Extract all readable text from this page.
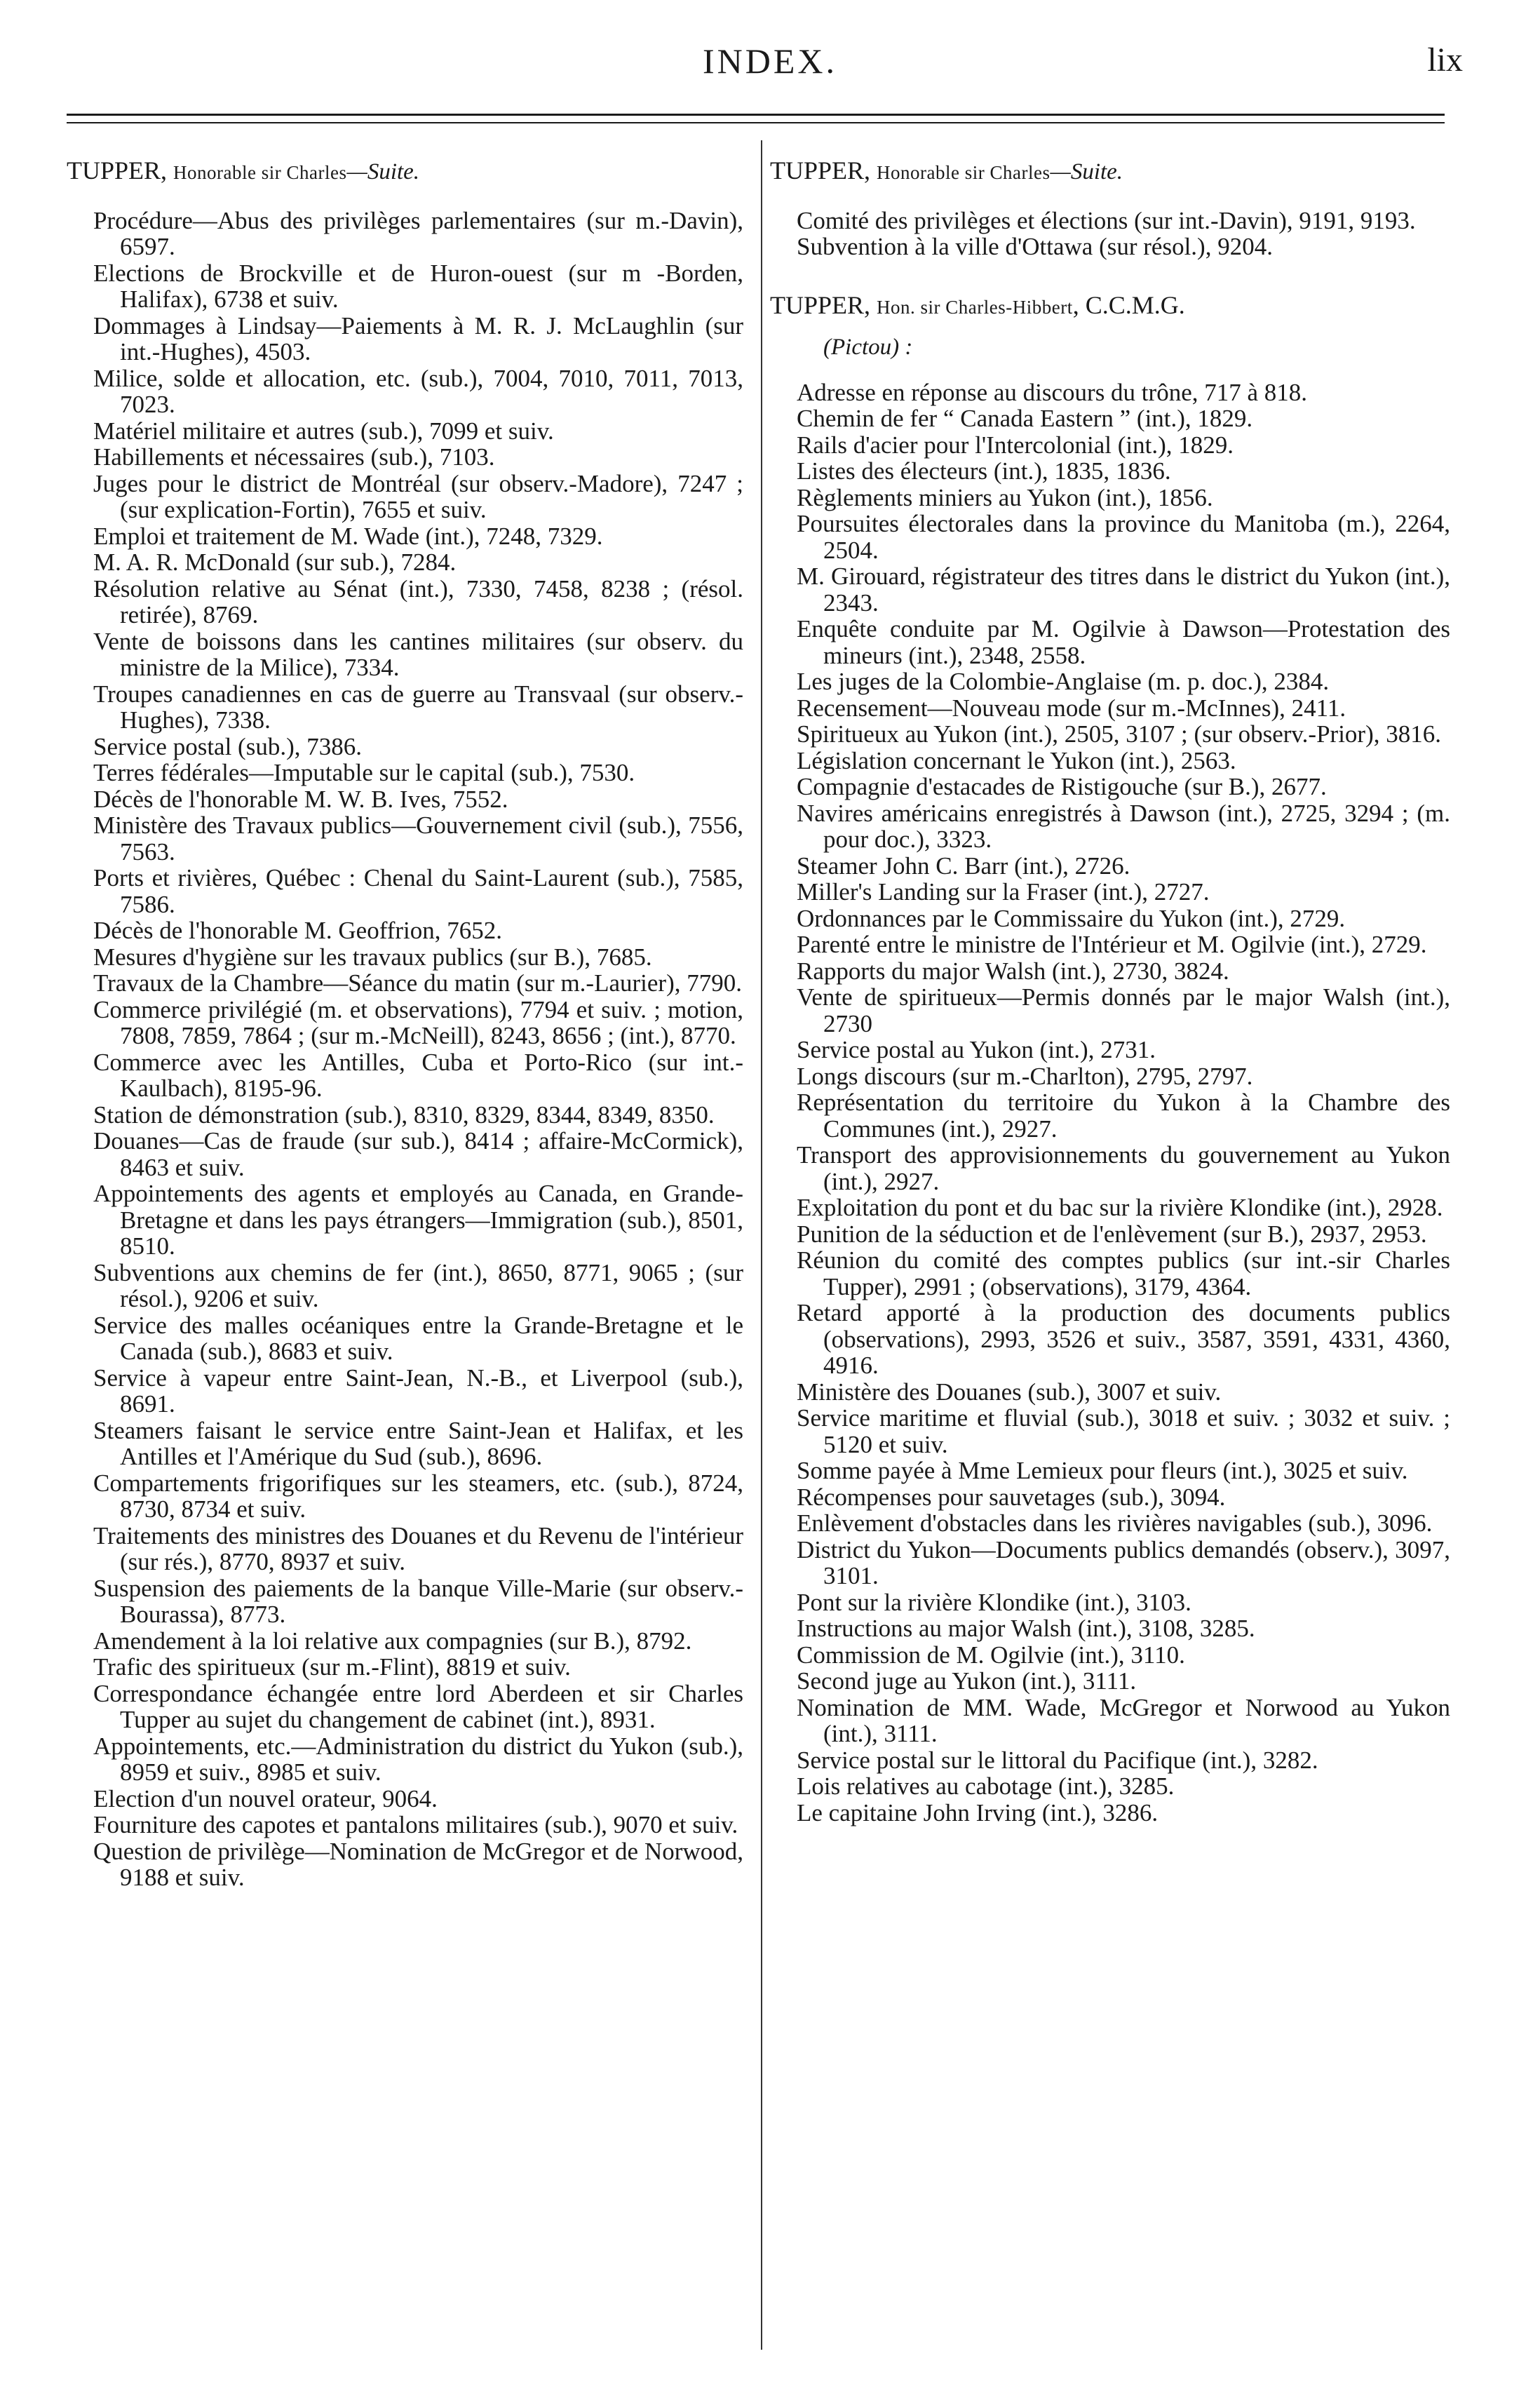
INDEX.	lix
TUPPER, Honorable sir Charles—Suite.
Procédure—Abus des privilèges parlementaires (sur m.-Davin), 6597.
Elections de Brockville et de Huron-ouest (sur m -Borden, Halifax), 6738 et suiv.
Dommages à Lindsay—Paiements à M. R. J. McLaughlin (sur int.-Hughes), 4503.
Milice, solde et allocation, etc. (sub.), 7004, 7010, 7011, 7013, 7023.
Matériel militaire et autres (sub.), 7099 et suiv.
Habillements et nécessaires (sub.), 7103.
Juges pour le district de Montréal (sur observ.-Madore), 7247 ; (sur explication-Fortin), 7655 et suiv.
Emploi et traitement de M. Wade (int.), 7248, 7329.
M. A. R. McDonald (sur sub.), 7284.
Résolution relative au Sénat (int.), 7330, 7458, 8238 ; (résol. retirée), 8769.
Vente de boissons dans les cantines militaires (sur observ. du ministre de la Milice), 7334.
Troupes canadiennes en cas de guerre au Transvaal (sur observ.-Hughes), 7338.
Service postal (sub.), 7386.
Terres fédérales—Imputable sur le capital (sub.), 7530.
Décès de l'honorable M. W. B. Ives, 7552.
Ministère des Travaux publics—Gouvernement civil (sub.), 7556, 7563.
Ports et rivières, Québec : Chenal du Saint-Laurent (sub.), 7585, 7586.
Décès de l'honorable M. Geoffrion, 7652.
Mesures d'hygiène sur les travaux publics (sur B.), 7685.
Travaux de la Chambre—Séance du matin (sur m.-Laurier), 7790.
Commerce privilégié (m. et observations), 7794 et suiv. ; motion, 7808, 7859, 7864 ; (sur m.-McNeill), 8243, 8656 ; (int.), 8770.
Commerce avec les Antilles, Cuba et Porto-Rico (sur int.-Kaulbach), 8195-96.
Station de démonstration (sub.), 8310, 8329, 8344, 8349, 8350.
Douanes—Cas de fraude (sur sub.), 8414 ; affaire-McCormick), 8463 et suiv.
Appointements des agents et employés au Canada, en Grande-Bretagne et dans les pays étrangers—Immigration (sub.), 8501, 8510.
Subventions aux chemins de fer (int.), 8650, 8771, 9065 ; (sur résol.), 9206 et suiv.
Service des malles océaniques entre la Grande-Bretagne et le Canada (sub.), 8683 et suiv.
Service à vapeur entre Saint-Jean, N.-B., et Liverpool (sub.), 8691.
Steamers faisant le service entre Saint-Jean et Halifax, et les Antilles et l'Amérique du Sud (sub.), 8696.
Compartements frigorifiques sur les steamers, etc. (sub.), 8724, 8730, 8734 et suiv.
Traitements des ministres des Douanes et du Revenu de l'intérieur (sur rés.), 8770, 8937 et suiv.
Suspension des paiements de la banque Ville-Marie (sur observ.-Bourassa), 8773.
Amendement à la loi relative aux compagnies (sur B.), 8792.
Trafic des spiritueux (sur m.-Flint), 8819 et suiv.
Correspondance échangée entre lord Aberdeen et sir Charles Tupper au sujet du changement de cabinet (int.), 8931.
Appointements, etc.—Administration du district du Yukon (sub.), 8959 et suiv., 8985 et suiv.
Election d'un nouvel orateur, 9064.
Fourniture des capotes et pantalons militaires (sub.), 9070 et suiv.
Question de privilège—Nomination de McGregor et de Norwood, 9188 et suiv.
TUPPER, Honorable sir Charles—Suite.
Comité des privilèges et élections (sur int.-Davin), 9191, 9193.
Subvention à la ville d'Ottawa (sur résol.), 9204.
TUPPER, Hon. sir Charles-Hibbert, C.C.M.G.
(Pictou) :
Adresse en réponse au discours du trône, 717 à 818.
Chemin de fer “ Canada Eastern ” (int.), 1829.
Rails d'acier pour l'Intercolonial (int.), 1829.
Listes des électeurs (int.), 1835, 1836.
Règlements miniers au Yukon (int.), 1856.
Poursuites électorales dans la province du Manitoba (m.), 2264, 2504.
M. Girouard, régistrateur des titres dans le district du Yukon (int.), 2343.
Enquête conduite par M. Ogilvie à Dawson—Protestation des mineurs (int.), 2348, 2558.
Les juges de la Colombie-Anglaise (m. p. doc.), 2384.
Recensement—Nouveau mode (sur m.-McInnes), 2411.
Spiritueux au Yukon (int.), 2505, 3107 ; (sur observ.-Prior), 3816.
Législation concernant le Yukon (int.), 2563.
Compagnie d'estacades de Ristigouche (sur B.), 2677.
Navires américains enregistrés à Dawson (int.), 2725, 3294 ; (m. pour doc.), 3323.
Steamer John C. Barr (int.), 2726.
Miller's Landing sur la Fraser (int.), 2727.
Ordonnances par le Commissaire du Yukon (int.), 2729.
Parenté entre le ministre de l'Intérieur et M. Ogilvie (int.), 2729.
Rapports du major Walsh (int.), 2730, 3824.
Vente de spiritueux—Permis donnés par le major Walsh (int.), 2730
Service postal au Yukon (int.), 2731.
Longs discours (sur m.-Charlton), 2795, 2797.
Représentation du territoire du Yukon à la Chambre des Communes (int.), 2927.
Transport des approvisionnements du gouvernement au Yukon (int.), 2927.
Exploitation du pont et du bac sur la rivière Klondike (int.), 2928.
Punition de la séduction et de l'enlèvement (sur B.), 2937, 2953.
Réunion du comité des comptes publics (sur int.-sir Charles Tupper), 2991 ; (observations), 3179, 4364.
Retard apporté à la production des documents publics (observations), 2993, 3526 et suiv., 3587, 3591, 4331, 4360, 4916.
Ministère des Douanes (sub.), 3007 et suiv.
Service maritime et fluvial (sub.), 3018 et suiv. ; 3032 et suiv. ; 5120 et suiv.
Somme payée à Mme Lemieux pour fleurs (int.), 3025 et suiv.
Récompenses pour sauvetages (sub.), 3094.
Enlèvement d'obstacles dans les rivières navigables (sub.), 3096.
District du Yukon—Documents publics demandés (observ.), 3097, 3101.
Pont sur la rivière Klondike (int.), 3103.
Instructions au major Walsh (int.), 3108, 3285.
Commission de M. Ogilvie (int.), 3110.
Second juge au Yukon (int.), 3111.
Nomination de MM. Wade, McGregor et Norwood au Yukon (int.), 3111.
Service postal sur le littoral du Pacifique (int.), 3282.
Lois relatives au cabotage (int.), 3285.
Le capitaine John Irving (int.), 3286.
